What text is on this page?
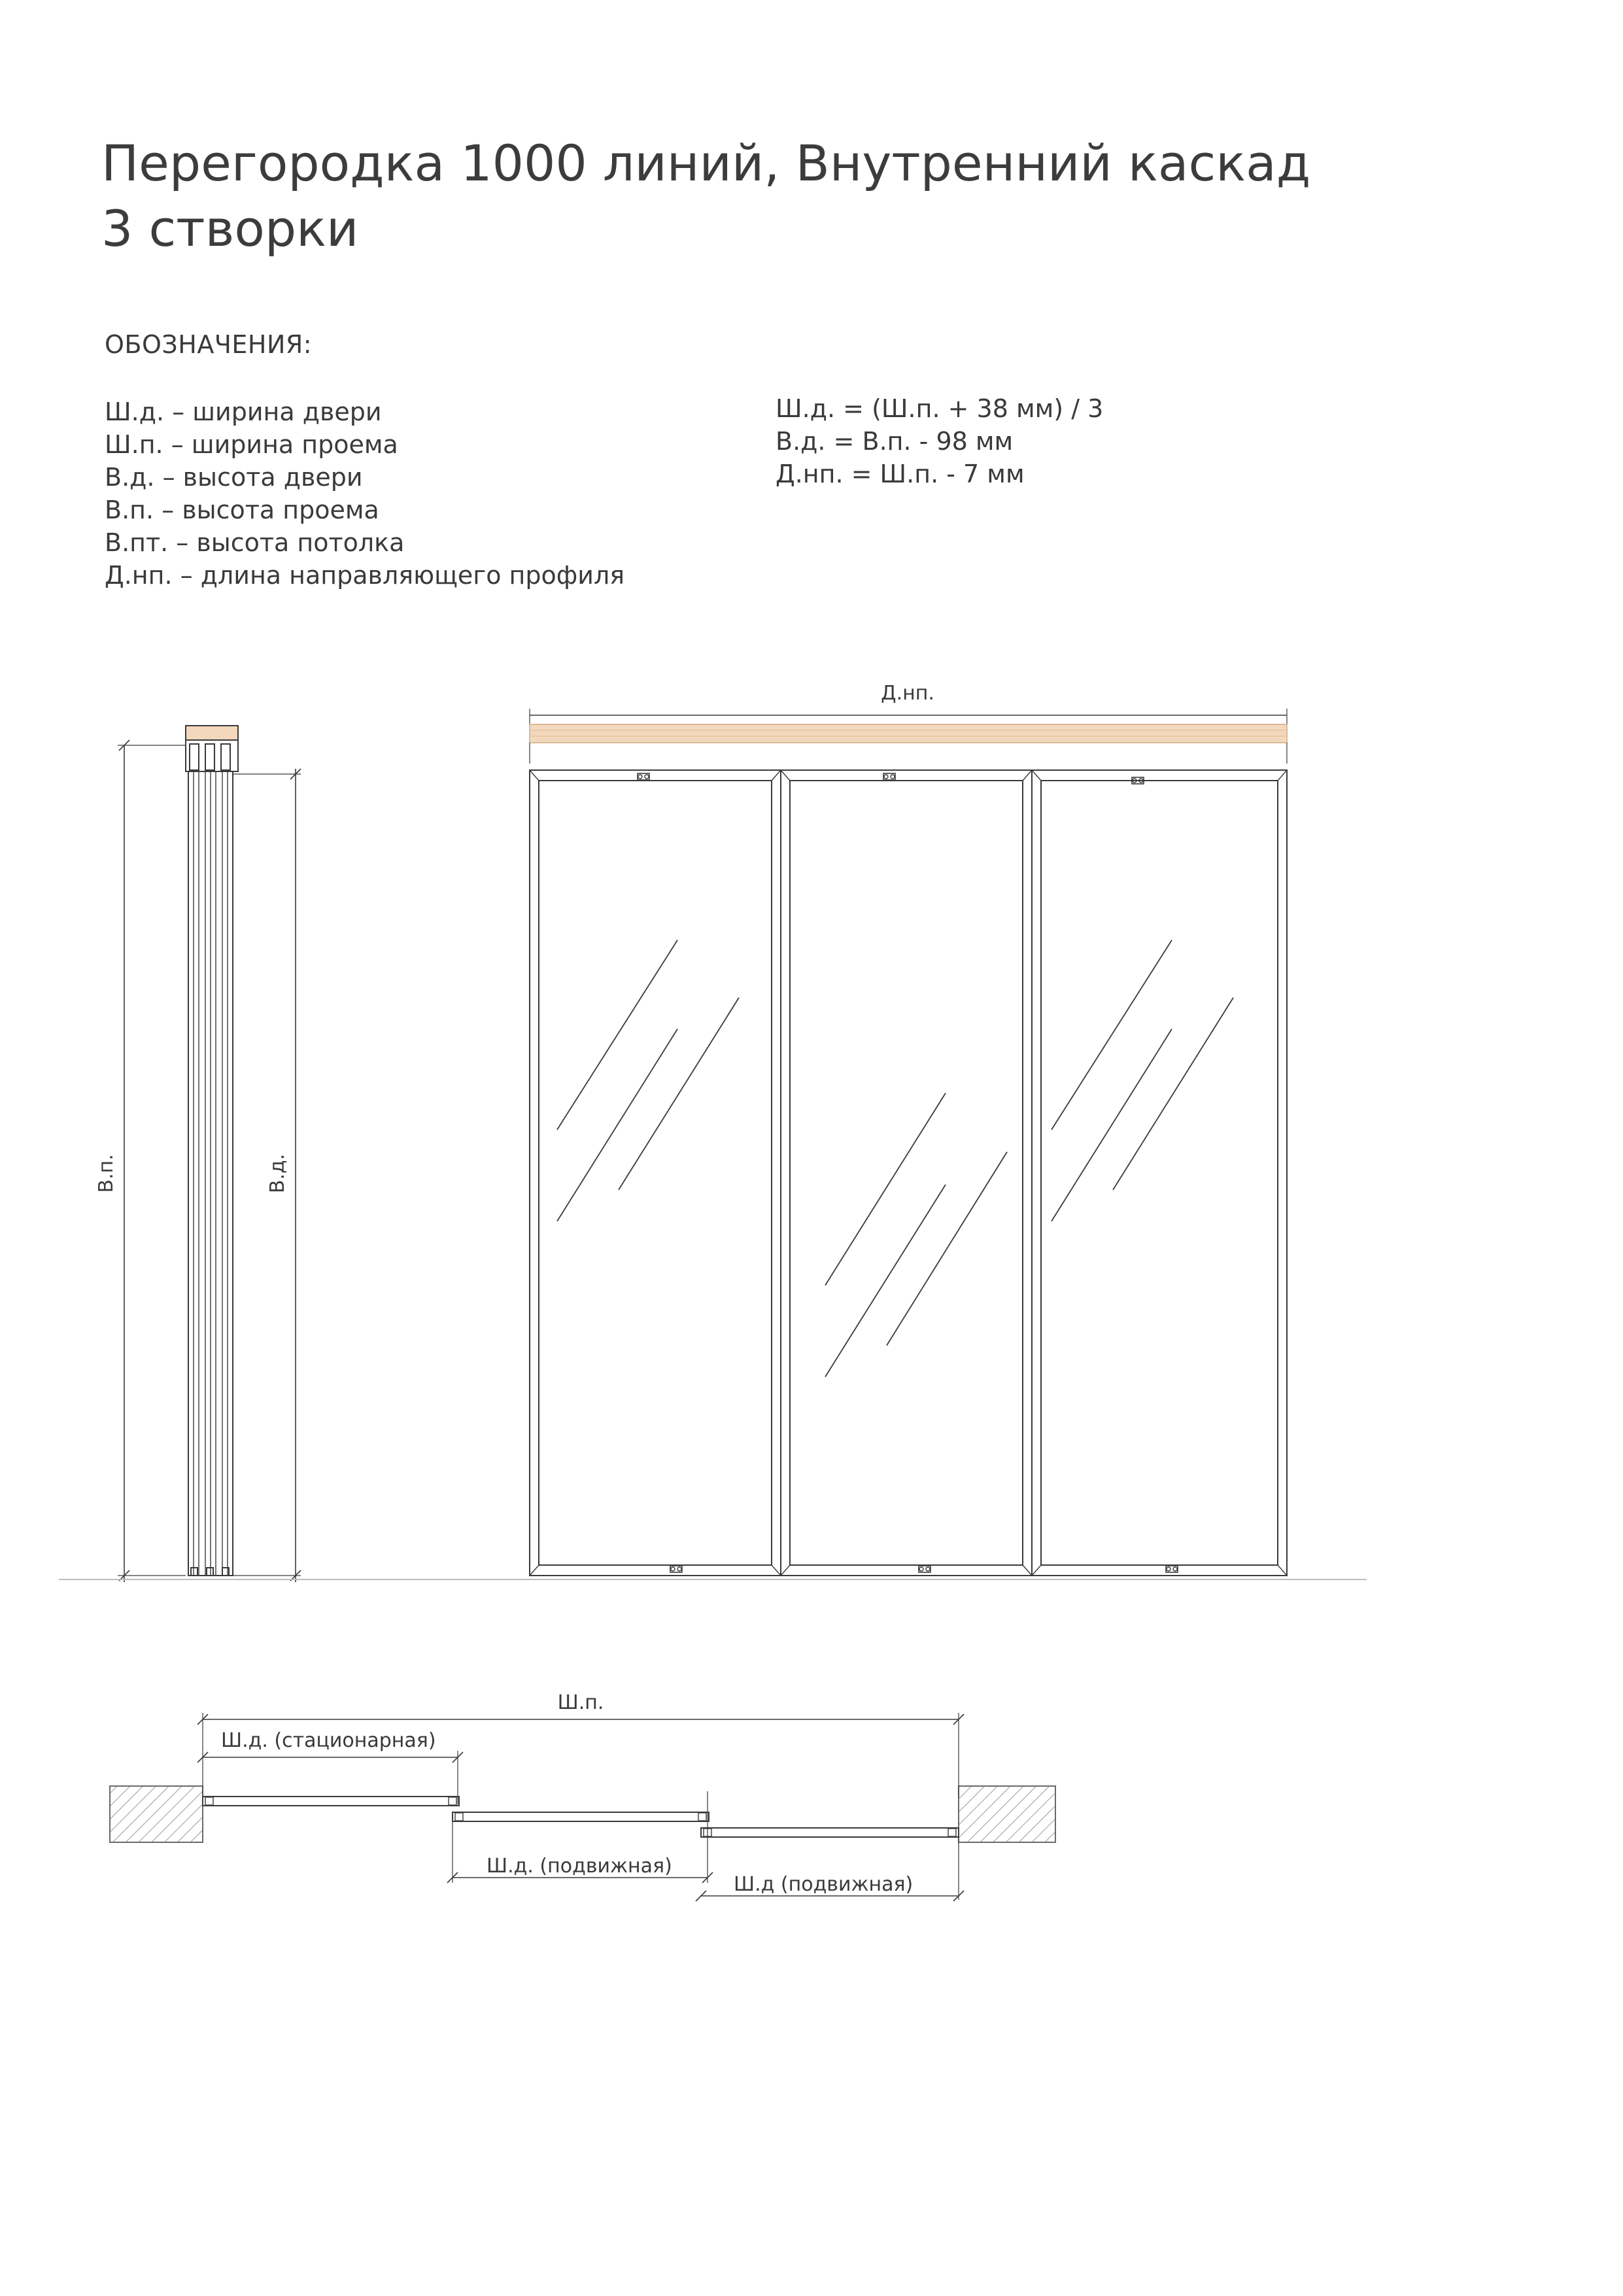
Перегородка 1000 линий, Внутренний каскад
3 створки
ОБОЗНАЧЕНИЯ:
Ш.д. – ширина двери
Ш.п. – ширина проема
В.д. – высота двери
В.п. – высота проема
В.пт. – высота потолка
Д.нп. – длина направляющего профиля
Ш.д. = (Ш.п. + 38 мм) / 3
В.д. = В.п. - 98 мм
Д.нп. = Ш.п. - 7 мм
В.п.	В.д.
Д.нп.
Ш.п.
Ш.д. (стационарная)
Ш.д. (подвижная)
Ш.д (подвижная)
